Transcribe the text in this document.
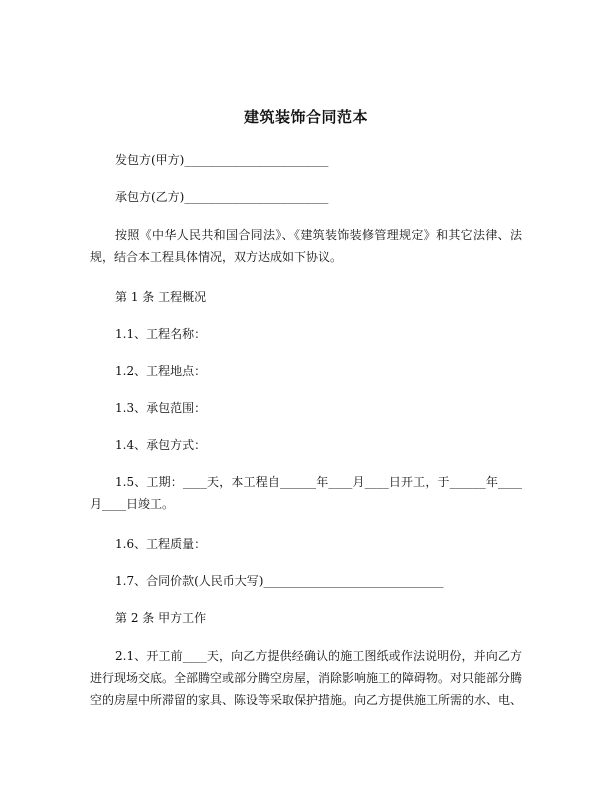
建筑装饰合同范本
发包方(甲方)________________________
承包方(乙方)________________________
按照《中华人民共和国合同法》、《建筑装饰装修管理规定》和其它法律、法规，结合本工程具体情况，双方达成如下协议。
第 1 条 工程概况
1.1、工程名称：
1.2、工程地点：
1.3、承包范围：
1.4、承包方式：
1.5、工期：____天，本工程自______年____月____日开工，于______年____月____日竣工。
1.6、工程质量：
1.7、合同价款(人民币大写)______________________________
第 2 条 甲方工作
2.1、开工前____天，向乙方提供经确认的施工图纸或作法说明份，并向乙方进行现场交底。全部腾空或部分腾空房屋，消除影响施工的障碍物。对只能部分腾空的房屋中所滞留的家具、陈设等采取保护措施。向乙方提供施工所需的水、电、
